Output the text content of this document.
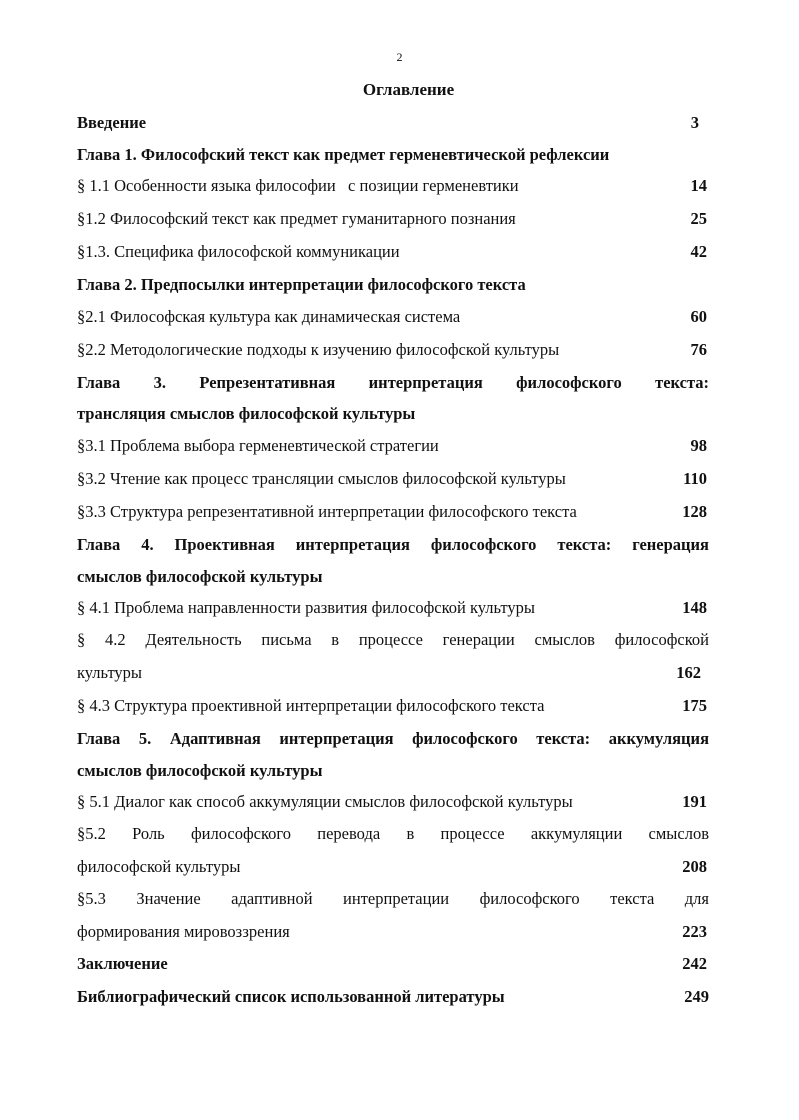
2
Оглавление
Введение	3
Глава 1. Философский текст как предмет герменевтической рефлексии
§ 1.1 Особенности языка философии   с позиции герменевтики	14
§1.2 Философский текст как предмет гуманитарного познания	25
§1.3. Специфика философской коммуникации	42
Глава 2. Предпосылки интерпретации философского текста
§2.1 Философская культура как динамическая система	60
§2.2 Методологические подходы к изучению философской культуры	76
Глава 3. Репрезентативная интерпретация философского текста:
трансляция смыслов философской культуры
§3.1 Проблема выбора герменевтической стратегии	98
§3.2 Чтение как процесс трансляции смыслов философской культуры	110
§3.3 Структура репрезентативной интерпретации философского текста	128
Глава 4. Проективная интерпретация философского текста: генерация
смыслов философской культуры
§ 4.1 Проблема направленности развития философской культуры	148
§ 4.2 Деятельность письма в процессе генерации смыслов философской
культуры	162
§ 4.3 Структура проективной интерпретации философского текста	175
Глава 5. Адаптивная интерпретация философского текста: аккумуляция
смыслов философской культуры
§ 5.1 Диалог как способ аккумуляции смыслов философской культуры	191
§5.2 Роль философского перевода в процессе аккумуляции смыслов
философской культуры	208
§5.3 Значение адаптивной интерпретации философского текста для
формирования мировоззрения	223
Заключение	242
Библиографический список использованной литературы	249
